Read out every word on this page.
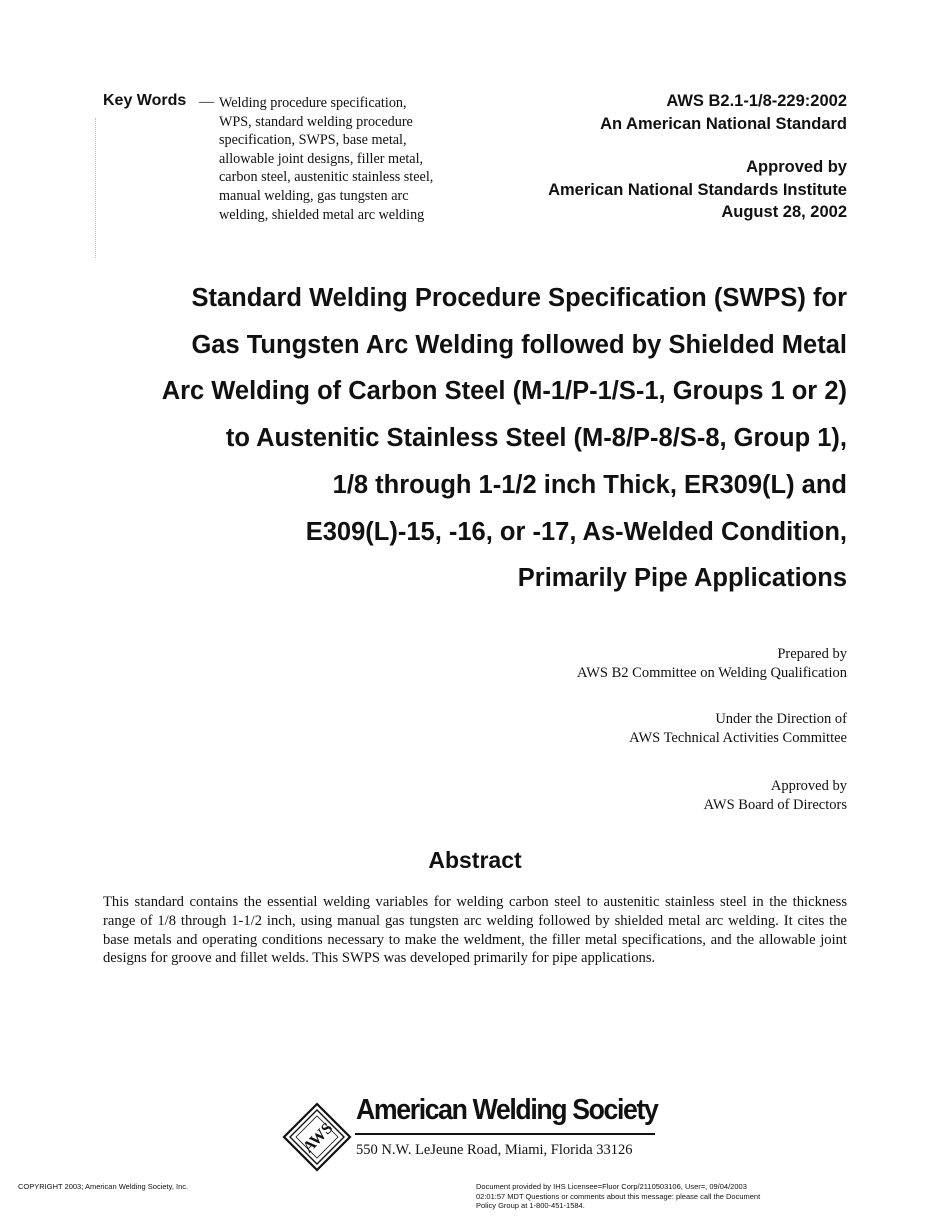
Key Words — Welding procedure specification,
WPS, standard welding procedure
specification, SWPS, base metal,
allowable joint designs, filler metal,
carbon steel, austenitic stainless steel,
manual welding, gas tungsten arc
welding, shielded metal arc welding
AWS B2.1-1/8-229:2002
An American National Standard
Approved by
American National Standards Institute
August 28, 2002
Standard Welding Procedure Specification (SWPS) for
Gas Tungsten Arc Welding followed by Shielded Metal
Arc Welding of Carbon Steel (M-1/P-1/S-1, Groups 1 or 2)
to Austenitic Stainless Steel (M-8/P-8/S-8, Group 1),
1/8 through 1-1/2 inch Thick, ER309(L) and
E309(L)-15, -16, or -17, As-Welded Condition,
Primarily Pipe Applications
Prepared by
AWS B2 Committee on Welding Qualification
Under the Direction of
AWS Technical Activities Committee
Approved by
AWS Board of Directors
Abstract
This standard contains the essential welding variables for welding carbon steel to austenitic stainless steel in the thickness range of 1/8 through 1-1/2 inch, using manual gas tungsten arc welding followed by shielded metal arc welding. It cites the base metals and operating conditions necessary to make the weldment, the filler metal specifications, and the allowable joint designs for groove and fillet welds. This SWPS was developed primarily for pipe applications.
AWS
American Welding Society
550 N.W. LeJeune Road, Miami, Florida 33126
COPYRIGHT 2003; American Welding Society, Inc.	Document provided by IHS Licensee=Fluor Corp/2110503106, User=, 09/04/2003
02:01:57 MDT Questions or comments about this message: please call the Document
Policy Group at 1-800-451-1584.
